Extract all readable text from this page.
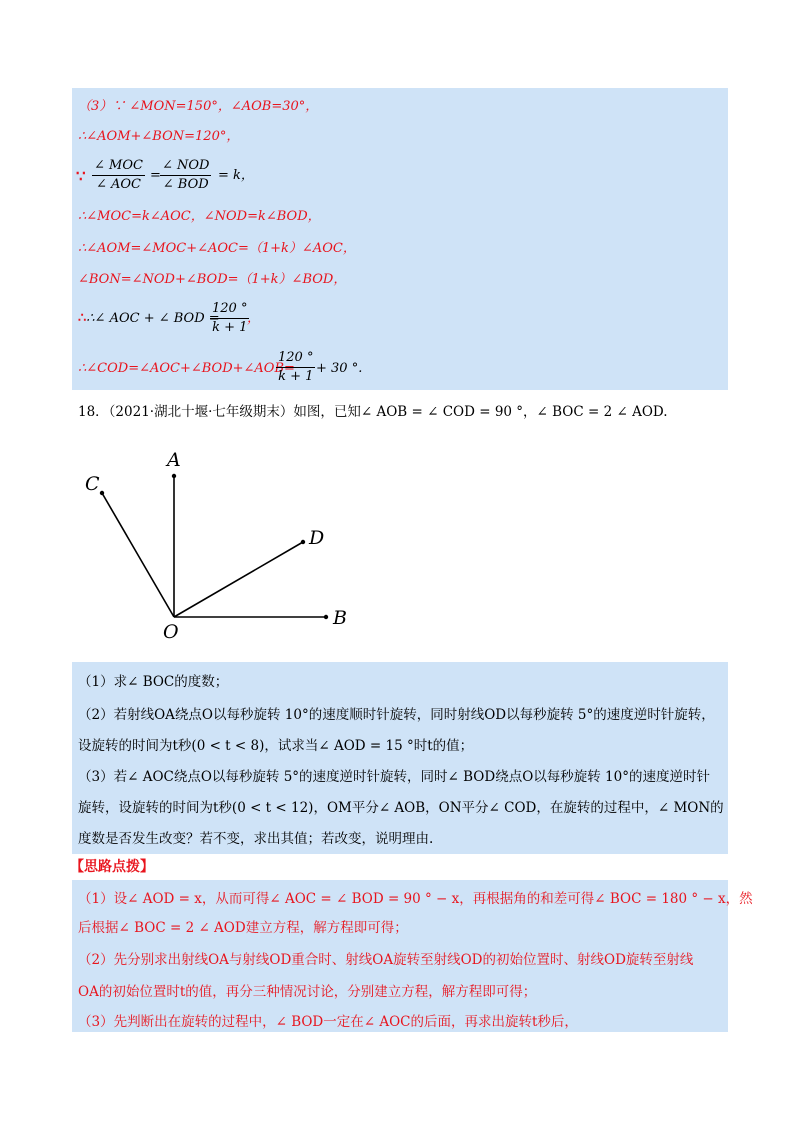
（3）∵ ∠MON=150°，∠AOB=30°，
∴∠AOM+∠BON=120°，
∵
∠ MOC
∠ AOC
=
∠ NOD
∠ BOD
= k，
∴∠MOC=k∠AOC，∠NOD=k∠BOD，
∴∠AOM=∠MOC+∠AOC=（1+k）∠AOC，
∠BON=∠NOD+∠BOD=（1+k）∠BOD，
∴∴∠ AOC + ∠ BOD =
$\frac{120 ^\circ}{k + 1}$
，
∴∠COD=∠AOC+∠BOD+∠AOB=
$\frac{120 ^\circ}{k + 1} + 30$ °.
18．（2021·湖北十堰·七年级期末）如图，已知∠ AOB = ∠ COD = 90 °，∠ BOC = 2 ∠ AOD.
A
B
C
D
O
（1）求∠ BOC的度数；
（2）若射线OA绕点O以每秒旋转 10°的速度顺时针旋转，同时射线OD以每秒旋转 5°的速度逆时针旋转，
设旋转的时间为t秒(0 < t < 8)，试求当∠ AOD = 15 °时t的值；
（3）若∠ AOC绕点O以每秒旋转 5°的速度逆时针旋转，同时∠ BOD绕点O以每秒旋转 10°的速度逆时针
旋转，设旋转的时间为t秒(0 < t < 12)，OM平分∠ AOB，ON平分∠ COD，在旋转的过程中，∠ MON的
度数是否发生改变？若不变，求出其值；若改变，说明理由.
【思路点拨】
（1）设∠ AOD = x，从而可得∠ AOC = ∠ BOD = 90 ° − x，再根据角的和差可得∠ BOC = 180 ° − x，然
后根据∠ BOC = 2 ∠ AOD建立方程，解方程即可得；
（2）先分别求出射线OA与射线OD重合时、射线OA旋转至射线OD的初始位置时、射线OD旋转至射线
OA的初始位置时t的值，再分三种情况讨论，分别建立方程，解方程即可得；
（3）先判断出在旋转的过程中，∠ BOD一定在∠ AOC的后面，再求出旋转t秒后，
